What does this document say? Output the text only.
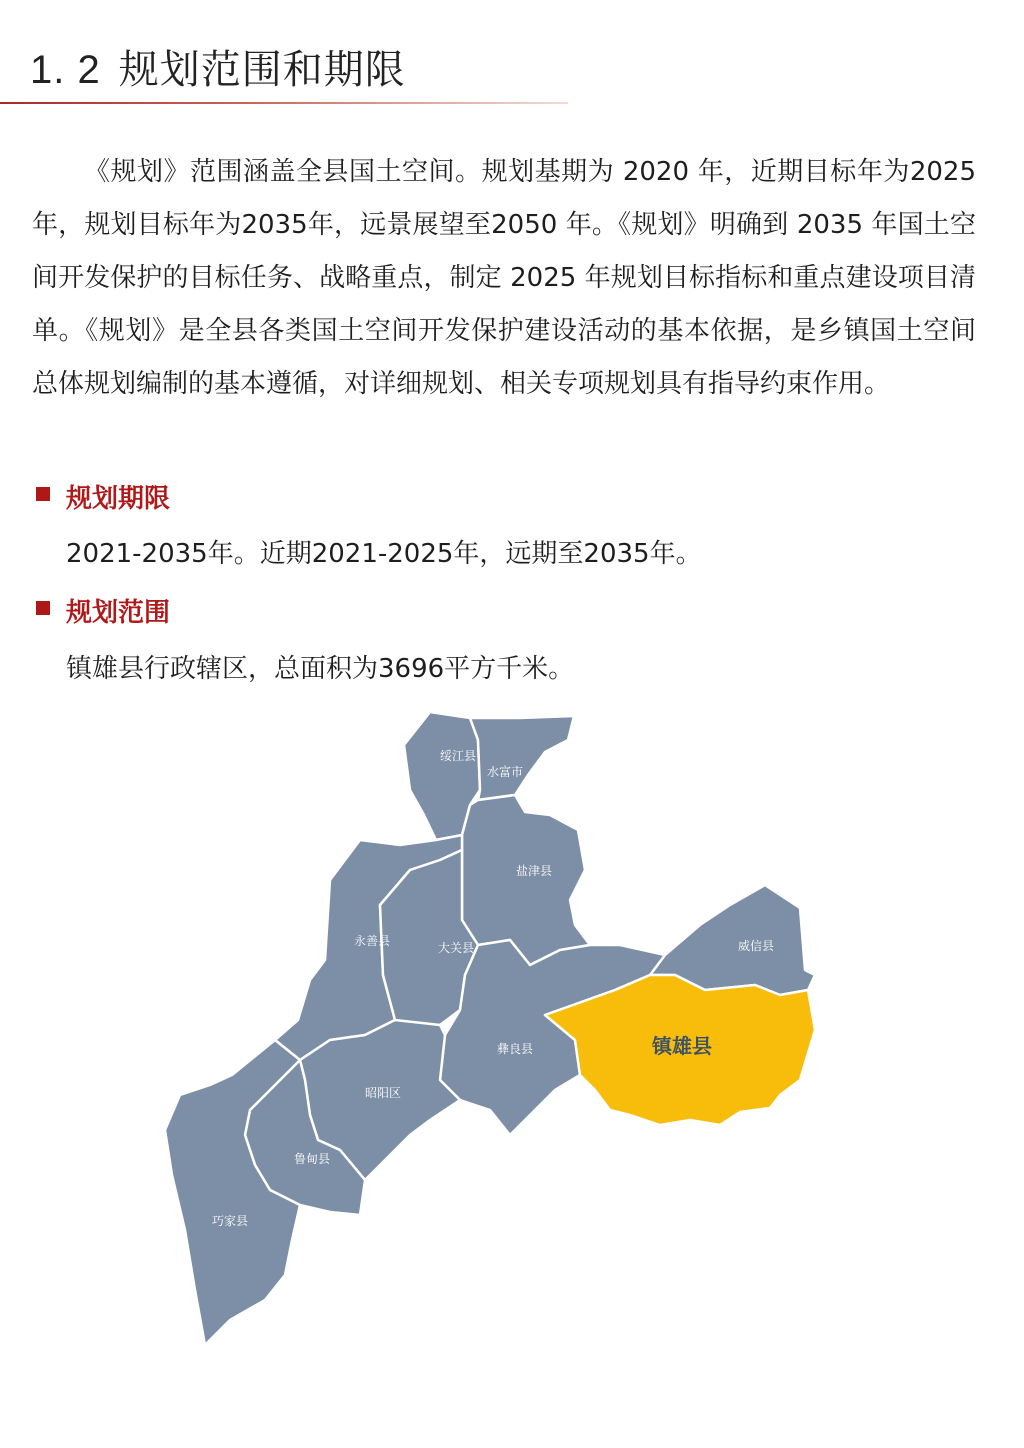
1. 2 规划范围和期限

《规划》范围涵盖全县国土空间。规划基期为 2020 年，近期目标年为2025年，规划目标年为2035年，远景展望至2050 年。《规划》明确到 2035 年国土空间开发保护的目标任务、战略重点，制定 2025 年规划目标指标和重点建设项目清单。《规划》是全县各类国土空间开发保护建设活动的基本依据，是乡镇国土空间总体规划编制的基本遵循，对详细规划、相关专项规划具有指导约束作用。

规划期限
2021-2035年。近期2021-2025年，远期至2035年。
规划范围
镇雄县行政辖区，总面积为3696平方千米。
绥江县
水富市
盐津县
永善县	大关县	威信县
彝良县
昭阳区
鲁甸县
巧家县
镇雄县
